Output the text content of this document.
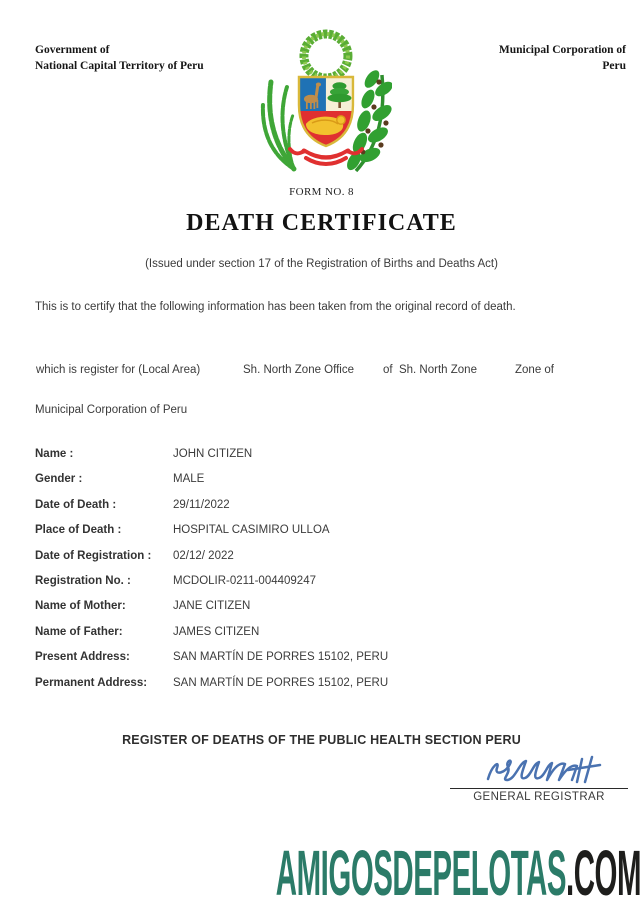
Government of
National Capital Territory of Peru
Municipal Corporation of
Peru
FORM NO. 8
DEATH CERTIFICATE
(Issued under section 17 of the Registration of Births and Deaths Act)
This is to certify that the following information has been taken from the original record of death.
which is register for (Local Area)	Sh. North Zone Office	of  Sh. North Zone	Zone of
Municipal Corporation of Peru
Name :	JOHN CITIZEN
Gender :	MALE
Date of Death :	29/11/2022
Place of Death :	HOSPITAL CASIMIRO ULLOA
Date of Registration : 02/12/ 2022
Registration No. :	MCDOLIR-0211-004409247
Name of Mother:	JANE CITIZEN
Name of Father:	JAMES CITIZEN
Present Address:	SAN MARTÍN DE PORRES 15102, PERU
Permanent Address: SAN MARTÍN DE PORRES 15102, PERU
REGISTER OF DEATHS OF THE PUBLIC HEALTH SECTION PERU
GENERAL REGISTRAR
AMIGOSDEPELOTAS.COM
